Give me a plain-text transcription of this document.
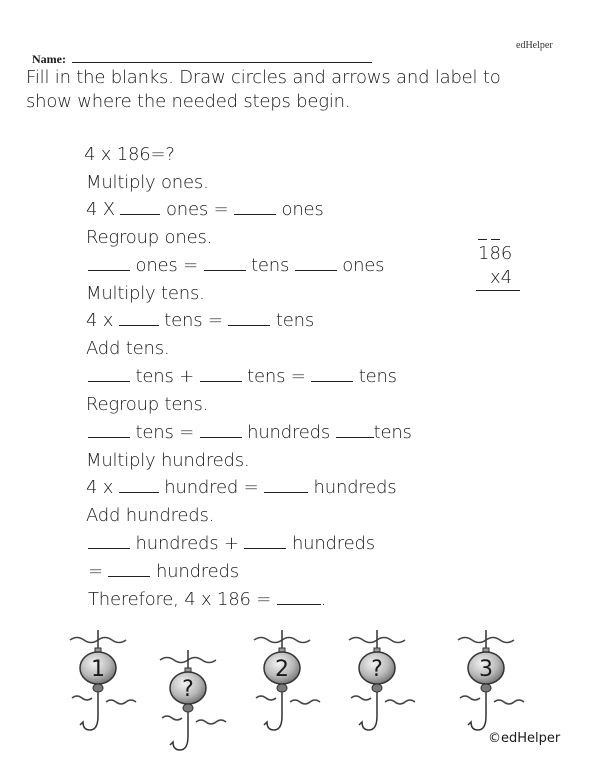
edHelper
Name:
Fill in the blanks. Draw circles and arrows and label to show where the needed steps begin.
4 x 186=?
Multiply ones.
4 X	ones =	ones
Regroup ones.
ones =	tens	ones
Multiply tens.
4 x	tens =	tens
Add tens.
tens +	tens =	tens
Regroup tens.
tens =	hundreds tens
Multiply hundreds.
4 x	hundred =	hundreds
Add hundreds.
hundreds +	hundreds
=	hundreds
Therefore, 4 x 186 =	.
186
x4
1
?
2	?	3
©edHelper
